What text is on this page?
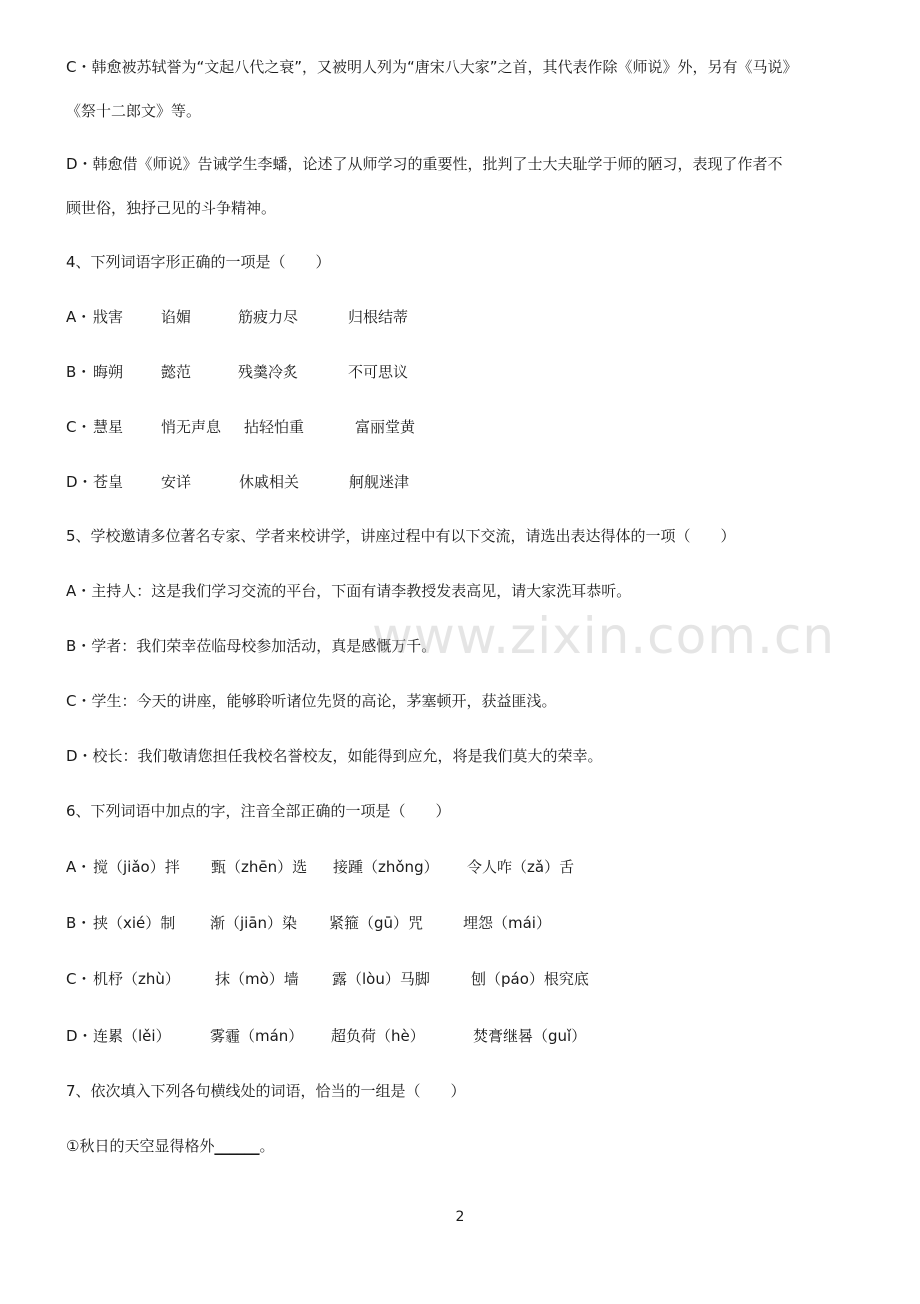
C・韩愈被苏轼誉为“文起八代之衰”，又被明人列为“唐宋八大家”之首，其代表作除《师说》外，另有《马说》
《祭十二郎文》等。
D・韩愈借《师说》告诫学生李蟠，论述了从师学习的重要性，批判了士大夫耻学于师的陋习，表现了作者不
顾世俗，独抒己见的斗争精神。
4、下列词语字形正确的一项是（　　）
A・ 戕害	谄媚	筋疲力尽	归根结蒂
B・ 晦朔	懿范	残羹冷炙	不可思议
C・ 慧星	悄无声息 拈轻怕重	富丽堂黄
D・苍皇	安详	休戚相关	舸舰迷津
5、学校邀请多位著名专家、学者来校讲学，讲座过程中有以下交流，请选出表达得体的一项（　　）
A・主持人：这是我们学习交流的平台，下面有请李教授发表高见，请大家洗耳恭听。
B・学者：我们荣幸莅临母校参加活动，真是感慨万千。
C・学生：今天的讲座，能够聆听诸位先贤的高论，茅塞顿开，获益匪浅。
D・校长：我们敬请您担任我校名誉校友，如能得到应允，将是我们莫大的荣幸。
6、下列词语中加点的字，注音全部正确的一项是（　　）
A・ 搅（jiǎo）拌 甄（zhēn）选 接踵（zhǒng） 令人咋（zǎ）舌
B・ 挟（xié）制 渐（jiān）染 紧箍（gū）咒	埋怨（mái）
C・ 机杼（zhù） 抹（mò）墙 露（lòu）马脚	刨（páo）根究底
D・连累（lěi）	雾霾（mán） 超负荷（hè）	焚膏继晷（guǐ）
7、依次填入下列各句横线处的词语，恰当的一组是（　　）
①秋日的天空显得格外______。
www.zixin.com.cn
2
